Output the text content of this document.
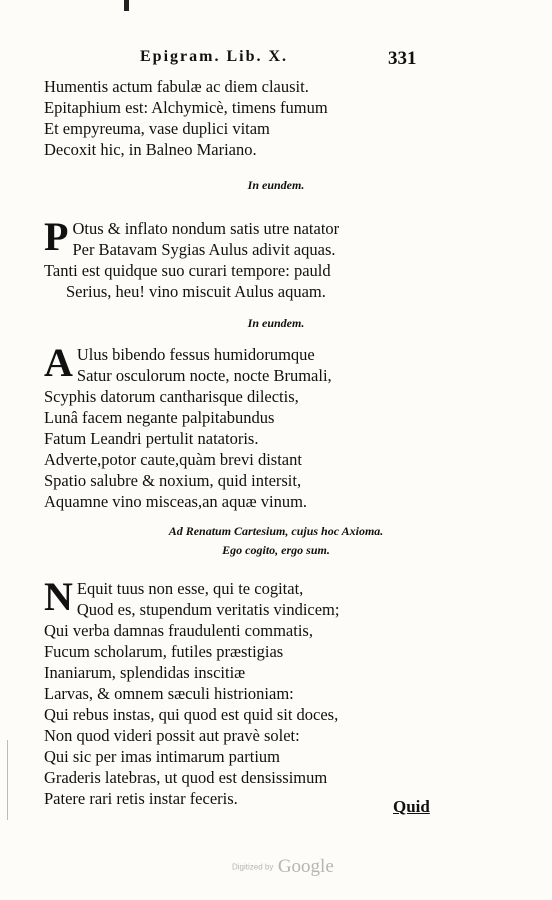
Epigram. Lib. X.	331
Humentis actum fabulæ ac diem clausit.
Epitaphium est: Alchymicè, timens fumum
Et empyreuma, vase duplici vitam
Decoxit hic, in Balneo Mariano.
In eundem.
P Otus & inflato nondum satis utre natator
Per Batavam Sygias Aulus adivit aquas.
Tanti est quidque suo curari tempore: pauld
Serius, heu! vino miscuit Aulus aquam.
In eundem.
A Ulus bibendo fessus humidorumque
Satur osculorum nocte, nocte Brumali,
Scyphis datorum cantharisque dilectis,
Lunâ facem negante palpitabundus
Fatum Leandri pertulit natatoris.
Adverte,potor caute,quàm brevi distant
Spatio salubre & noxium, quid intersit,
Aquamne vino misceas,an aquæ vinum.
Ad Renatum Cartesium, cujus hoc Axioma.
Ego cogito, ergo sum.
N Equit tuus non esse, qui te cogitat,
Quod es, stupendum veritatis vindicem;
Qui verba damnas fraudulenti commatis,
Fucum scholarum, futiles præstigias
Inaniarum, splendidas inscitiæ
Larvas, & omnem sæculi histrioniam:
Qui rebus instas, qui quod est quid sit doces,
Non quod videri possit aut pravè solet:
Qui sic per imas intimarum partium
Graderis latebras, ut quod est densissimum
Patere rari retis instar feceris.	Quid
Digitized by Google
